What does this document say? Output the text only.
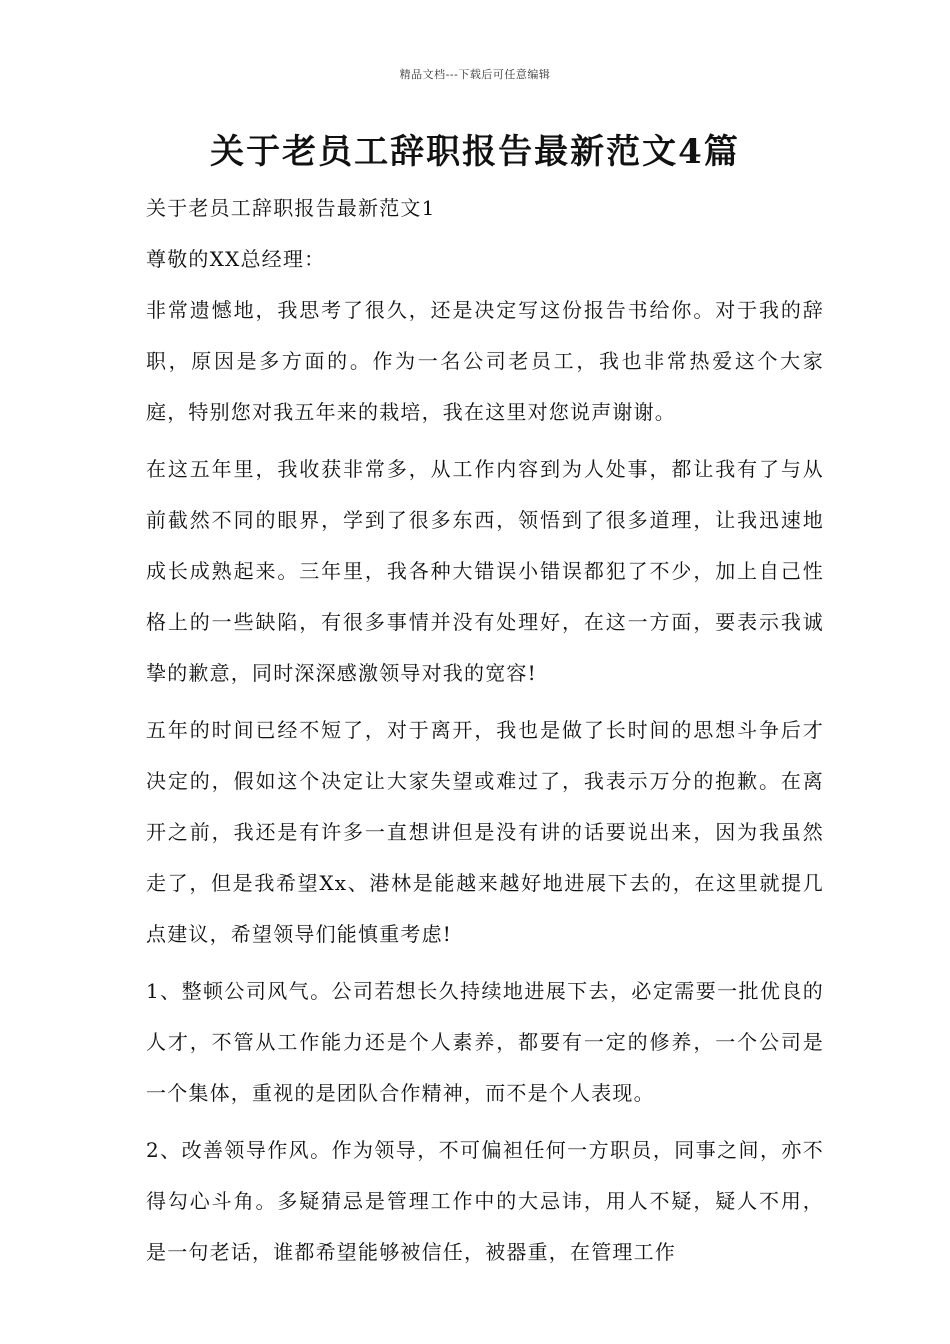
精品文档---下载后可任意编辑
关于老员工辞职报告最新范文4篇

关于老员工辞职报告最新范文1

尊敬的XX总经理：

非常遗憾地，我思考了很久，还是决定写这份报告书给你。对于我的辞职，原因是多方面的。作为一名公司老员工，我也非常热爱这个大家庭，特别您对我五年来的栽培，我在这里对您说声谢谢。

在这五年里，我收获非常多，从工作内容到为人处事，都让我有了与从前截然不同的眼界，学到了很多东西，领悟到了很多道理，让我迅速地成长成熟起来。三年里，我各种大错误小错误都犯了不少，加上自己性格上的一些缺陷，有很多事情并没有处理好，在这一方面，要表示我诚挚的歉意，同时深深感激领导对我的宽容!

五年的时间已经不短了，对于离开，我也是做了长时间的思想斗争后才决定的，假如这个决定让大家失望或难过了，我表示万分的抱歉。在离开之前，我还是有许多一直想讲但是没有讲的话要说出来，因为我虽然走了，但是我希望Xx、港林是能越来越好地进展下去的，在这里就提几点建议，希望领导们能慎重考虑!

1、整顿公司风气。公司若想长久持续地进展下去，必定需要一批优良的人才，不管从工作能力还是个人素养，都要有一定的修养，一个公司是一个集体，重视的是团队合作精神，而不是个人表现。

2、改善领导作风。作为领导，不可偏袒任何一方职员，同事之间，亦不得勾心斗角。多疑猜忌是管理工作中的大忌讳，用人不疑，疑人不用，是一句老话，谁都希望能够被信任，被器重，在管理工作
